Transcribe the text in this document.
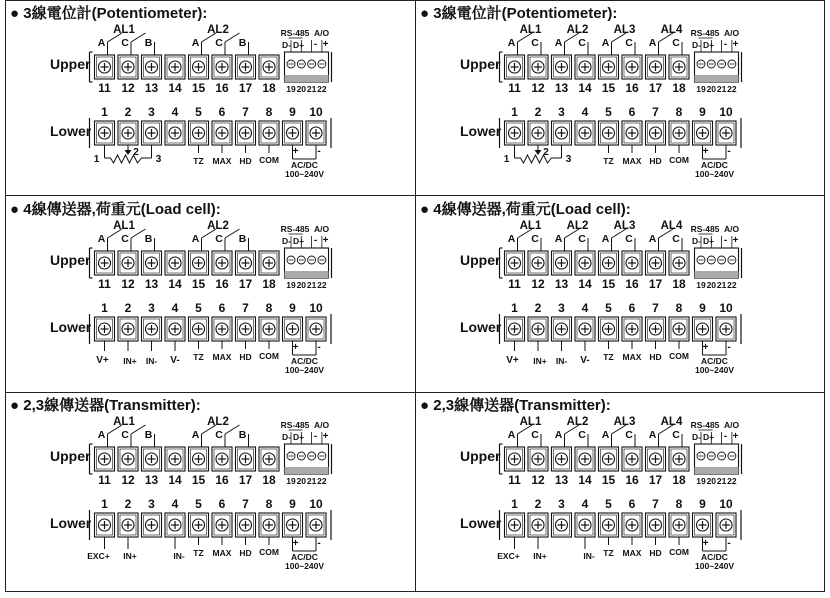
● 3線電位計(Potentiometer):
Upper
Lower
11 12 13 14 15 16 17 18 19 20 21 22
RS-485 A/O
D- D+ - +
A C B
AL1
A C B
AL2
1 2 3 4 5 6 7 8 9 10
TZ MAX HD COM
+ -
AC/DC
100~240V
1
2
3
● 3線電位計(Potentiometer):
Upper
Lower
11 12 13 14 15 16 17 18 19 20 21 22
RS-485 A/O
D- D+ - +
A C
AL1
A C
AL2
A C
AL3
A C
AL4
1 2 3 4 5 6 7 8 9 10
TZ MAX HD COM
+ -
AC/DC
100~240V
1
2
3
● 4線傳送器,荷重元(Load cell):
Upper
Lower
11 12 13 14 15 16 17 18 19 20 21 22
RS-485 A/O
D- D+ - +
A C B
AL1
A C B
AL2
1 2 3 4 5 6 7 8 9 10
TZ MAX HD COM
+ -
AC/DC
100~240V
V+ IN+ IN- V-
● 4線傳送器,荷重元(Load cell):
Upper
Lower
11 12 13 14 15 16 17 18 19 20 21 22
RS-485 A/O
D- D+ - +
A C
AL1
A C
AL2
A C
AL3
A C
AL4
1 2 3 4 5 6 7 8 9 10
TZ MAX HD COM
+ -
AC/DC
100~240V
V+ IN+ IN- V-
● 2,3線傳送器(Transmitter):
Upper
Lower
11 12 13 14 15 16 17 18 19 20 21 22
RS-485 A/O
D- D+ - +
A C B
AL1
A C B
AL2
1 2 3 4 5 6 7 8 9 10
TZ MAX HD COM
+ -
AC/DC
100~240V
EXC+ IN+	IN-
● 2,3線傳送器(Transmitter):
Upper
Lower
11 12 13 14 15 16 17 18 19 20 21 22
RS-485 A/O
D- D+ - +
A C
AL1
A C
AL2
A C
AL3
A C
AL4
1 2 3 4 5 6 7 8 9 10
TZ MAX HD COM
+ -
AC/DC
100~240V
EXC+ IN+	IN-
